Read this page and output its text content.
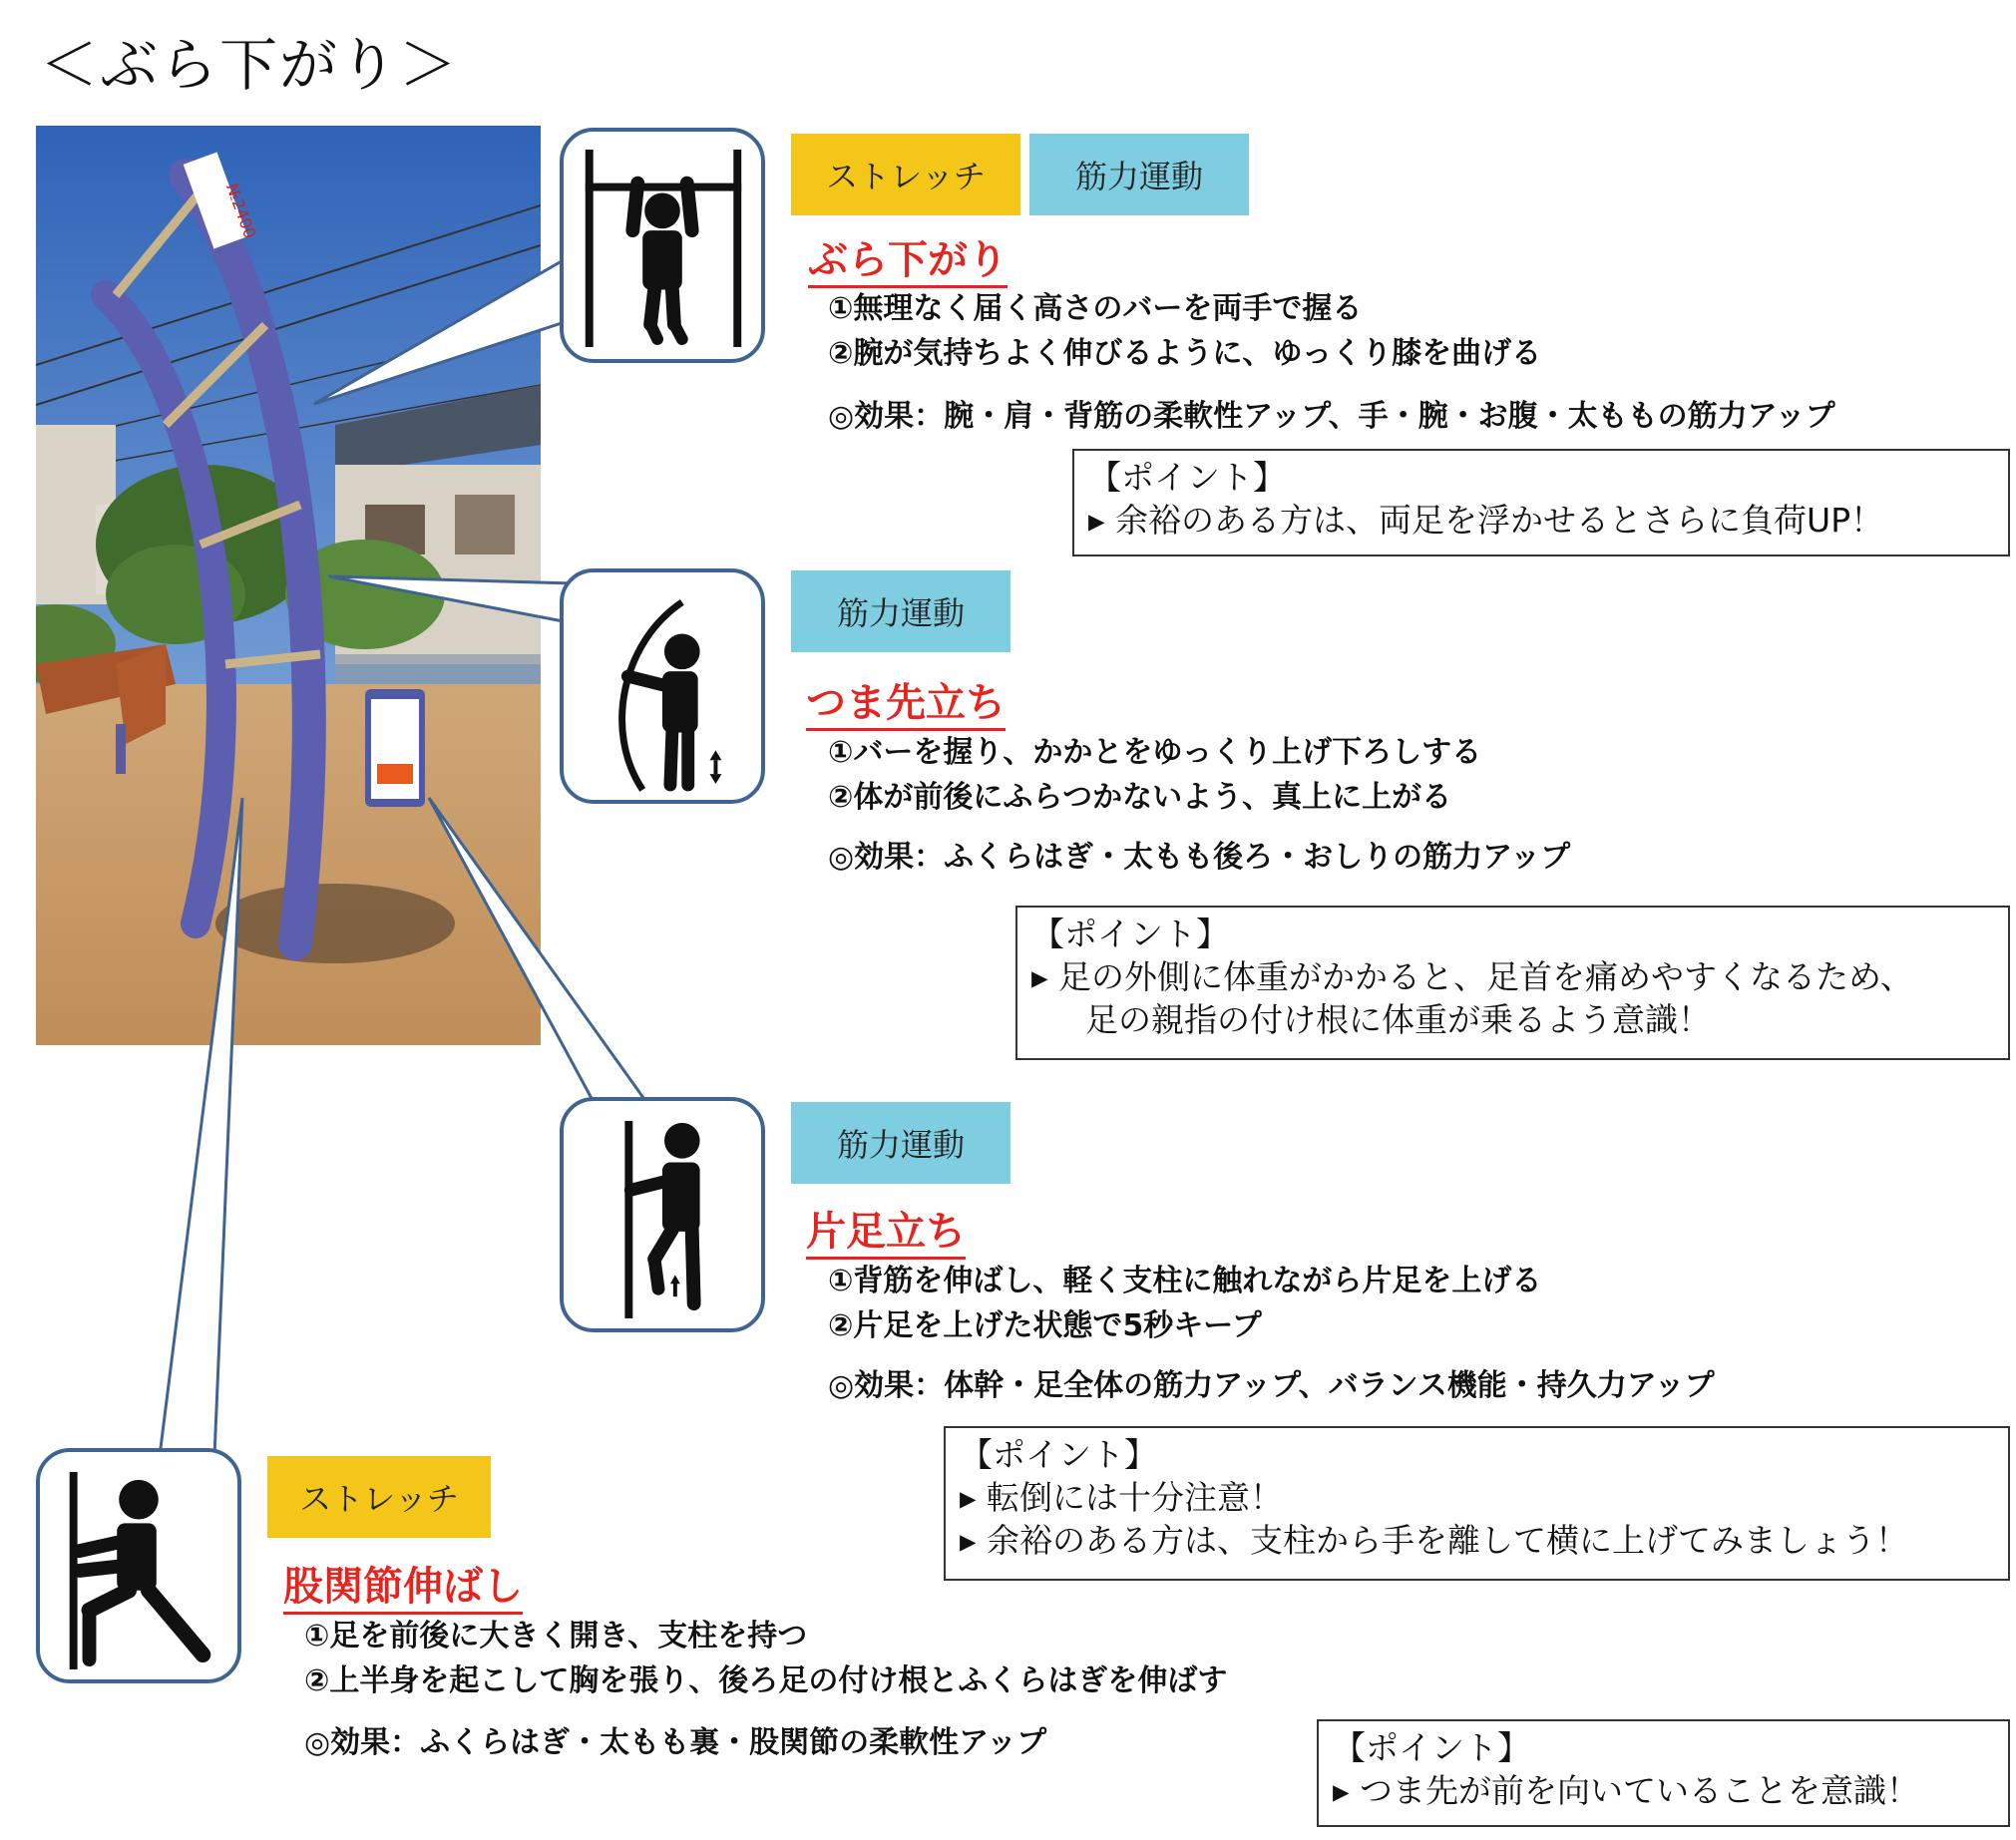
＜ぶら下がり＞
№2400
ストレッチ	筋力運動
ぶら下がり
①無理なく届く高さのバーを両手で握る
②腕が気持ちよく伸びるように、ゆっくり膝を曲げる
◎効果：腕・肩・背筋の柔軟性アップ、手・腕・お腹・太ももの筋力アップ
【ポイント】
▸ 余裕のある方は、両足を浮かせるとさらに負荷UP！
筋力運動
つま先立ち
①バーを握り、かかとをゆっくり上げ下ろしする
②体が前後にふらつかないよう、真上に上がる
◎効果：ふくらはぎ・太もも後ろ・おしりの筋力アップ
【ポイント】
▸ 足の外側に体重がかかると、足首を痛めやすくなるため、
足の親指の付け根に体重が乗るよう意識！
筋力運動
片足立ち
①背筋を伸ばし、軽く支柱に触れながら片足を上げる
②片足を上げた状態で5秒キープ
◎効果：体幹・足全体の筋力アップ、バランス機能・持久力アップ
【ポイント】
▸ 転倒には十分注意！
▸ 余裕のある方は、支柱から手を離して横に上げてみましょう！
ストレッチ
股関節伸ばし
①足を前後に大きく開き、支柱を持つ
②上半身を起こして胸を張り、後ろ足の付け根とふくらはぎを伸ばす
◎効果：ふくらはぎ・太もも裏・股関節の柔軟性アップ	【ポイント】
▸ つま先が前を向いていることを意識！
